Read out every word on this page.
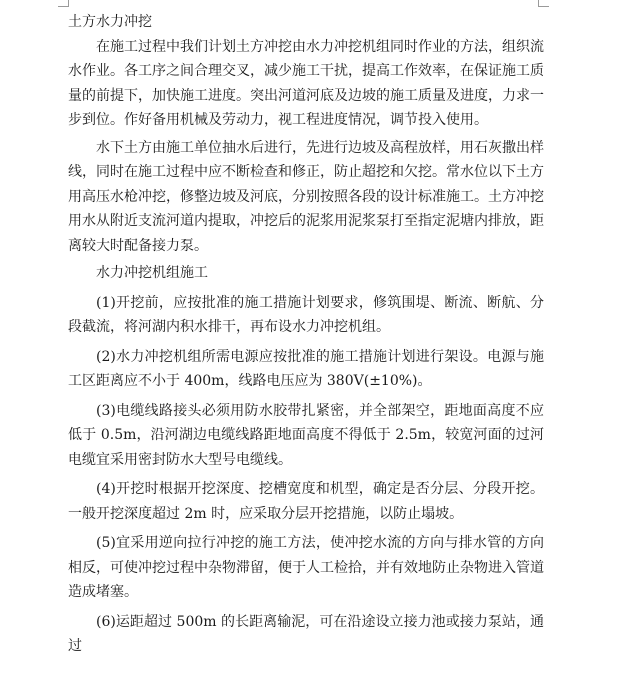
土方水力冲挖

在施工过程中我们计划土方冲挖由水力冲挖机组同时作业的方法，组织流水作业。各工序之间合理交叉，减少施工干扰，提高工作效率，在保证施工质量的前提下，加快施工进度。突出河道河底及边坡的施工质量及进度，力求一步到位。作好备用机械及劳动力，视工程进度情况，调节投入使用。

水下土方由施工单位抽水后进行，先进行边坡及高程放样，用石灰撒出样线，同时在施工过程中应不断检查和修正，防止超挖和欠挖。常水位以下土方用高压水枪冲挖，修整边坡及河底，分别按照各段的设计标准施工。土方冲挖用水从附近支流河道内提取，冲挖后的泥浆用泥浆泵打至指定泥塘内排放，距离较大时配备接力泵。

水力冲挖机组施工

(1)开挖前，应按批准的施工措施计划要求，修筑围堤、断流、断航、分段截流，将河湖内积水排干，再布设水力冲挖机组。

(2)水力冲挖机组所需电源应按批准的施工措施计划进行架设。电源与施工区距离应不小于 400m，线路电压应为 380V(±10%)。

(3)电缆线路接头必须用防水胶带扎紧密，并全部架空，距地面高度不应低于 0.5m，沿河湖边电缆线路距地面高度不得低于 2.5m，较宽河面的过河电缆宜采用密封防水大型号电缆线。

(4)开挖时根据开挖深度、挖槽宽度和机型，确定是否分层、分段开挖。一般开挖深度超过 2m 时，应采取分层开挖措施，以防止塌坡。

(5)宜采用逆向拉行冲挖的施工方法，使冲挖水流的方向与排水管的方向相反，可使冲挖过程中杂物滞留，便于人工检拾，并有效地防止杂物进入管道造成堵塞。

(6)运距超过 500m 的长距离输泥，可在沿途设立接力池或接力泵站，通过
